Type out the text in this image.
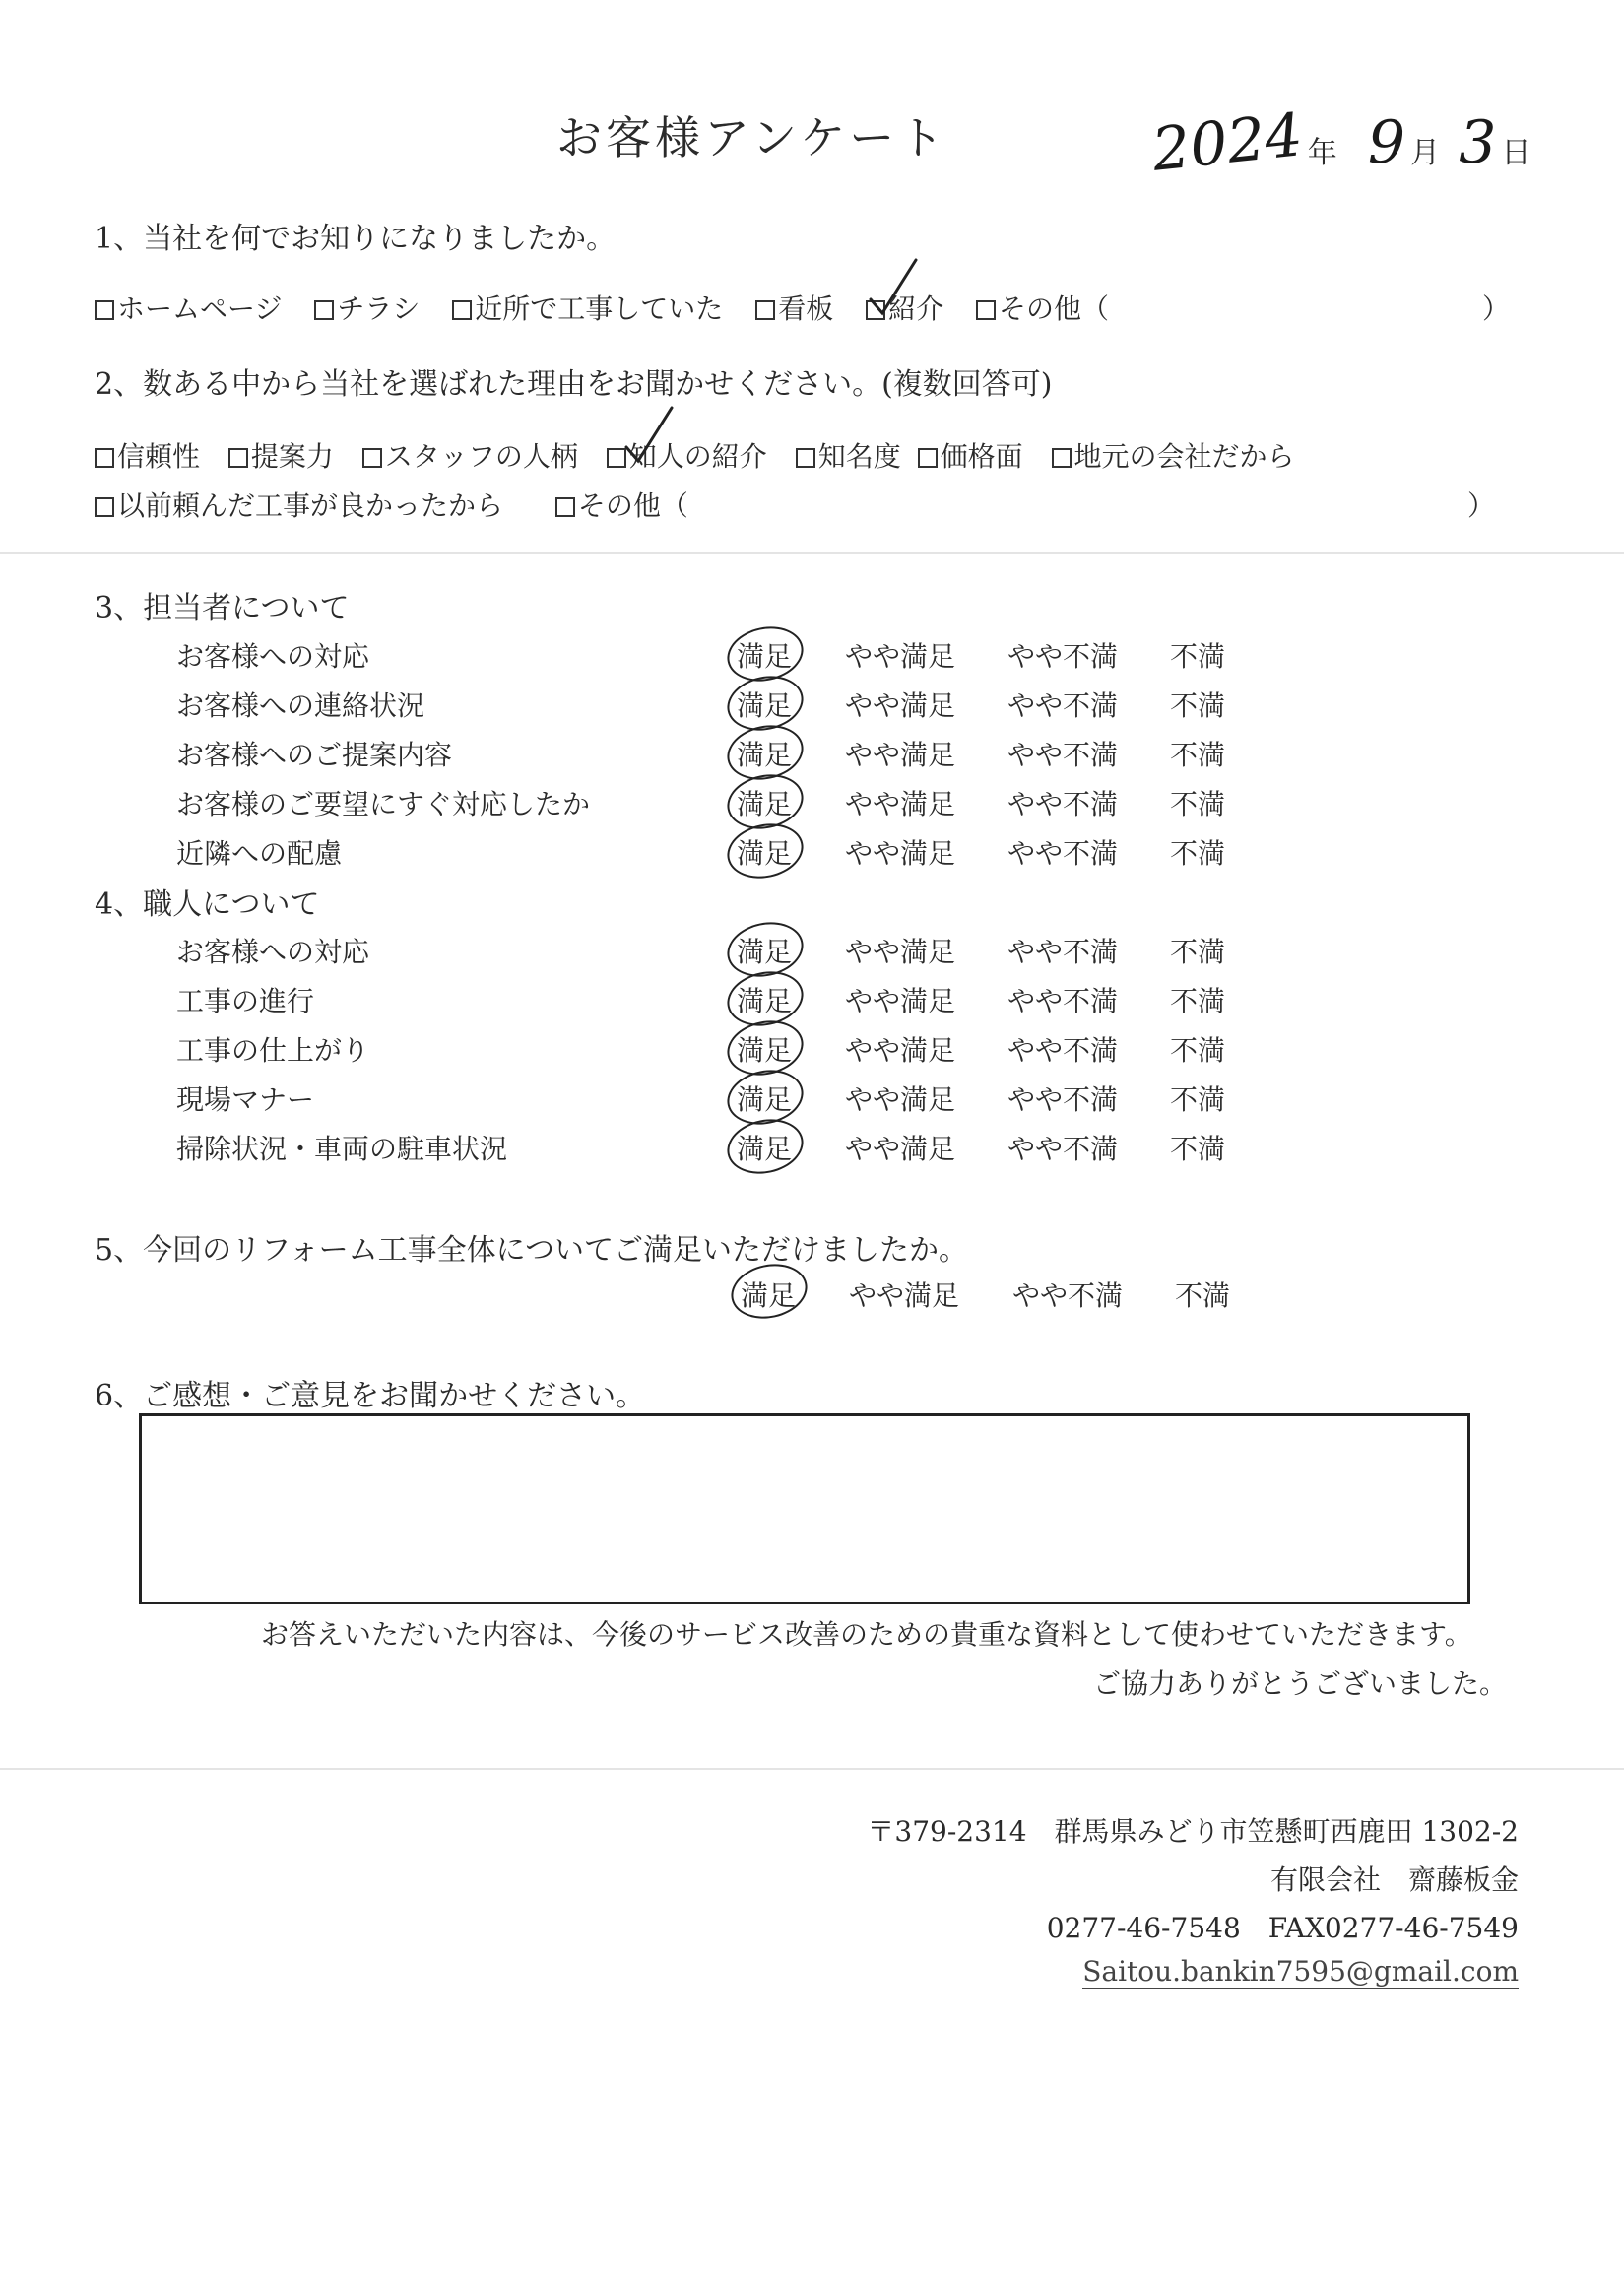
お客様アンケート	2024 年 9 月 3 日
1、当社を何でお知りになりましたか。
ホームページ チラシ 近所で工事していた 看板 紹介 その他（	）
2、数ある中から当社を選ばれた理由をお聞かせください。(複数回答可)
信頼性 提案力 スタッフの人柄 知人の紹介 知名度 価格面 地元の会社だから
以前頼んだ工事が良かったから	その他（	）
3、担当者について
お客様への対応	満足 やや満足 やや不満 不満
お客様への連絡状況	満足 やや満足 やや不満 不満
お客様へのご提案内容	満足 やや満足 やや不満 不満
お客様のご要望にすぐ対応したか	満足 やや満足 やや不満 不満
近隣への配慮	満足 やや満足 やや不満 不満
4、職人について
お客様への対応	満足 やや満足 やや不満 不満
工事の進行	満足 やや満足 やや不満 不満
工事の仕上がり	満足 やや満足 やや不満 不満
現場マナー	満足 やや満足 やや不満 不満
掃除状況・車両の駐車状況	満足 やや満足 やや不満 不満
5、今回のリフォーム工事全体についてご満足いただけましたか。
満足 やや満足 やや不満 不満
6、ご感想・ご意見をお聞かせください。
お答えいただいた内容は、今後のサービス改善のための貴重な資料として使わせていただきます。
ご協力ありがとうございました。
〒379-2314　群馬県みどり市笠懸町西鹿田 1302-2
有限会社　齋藤板金
0277-46-7548　FAX0277-46-7549
Saitou.bankin7595@gmail.com
